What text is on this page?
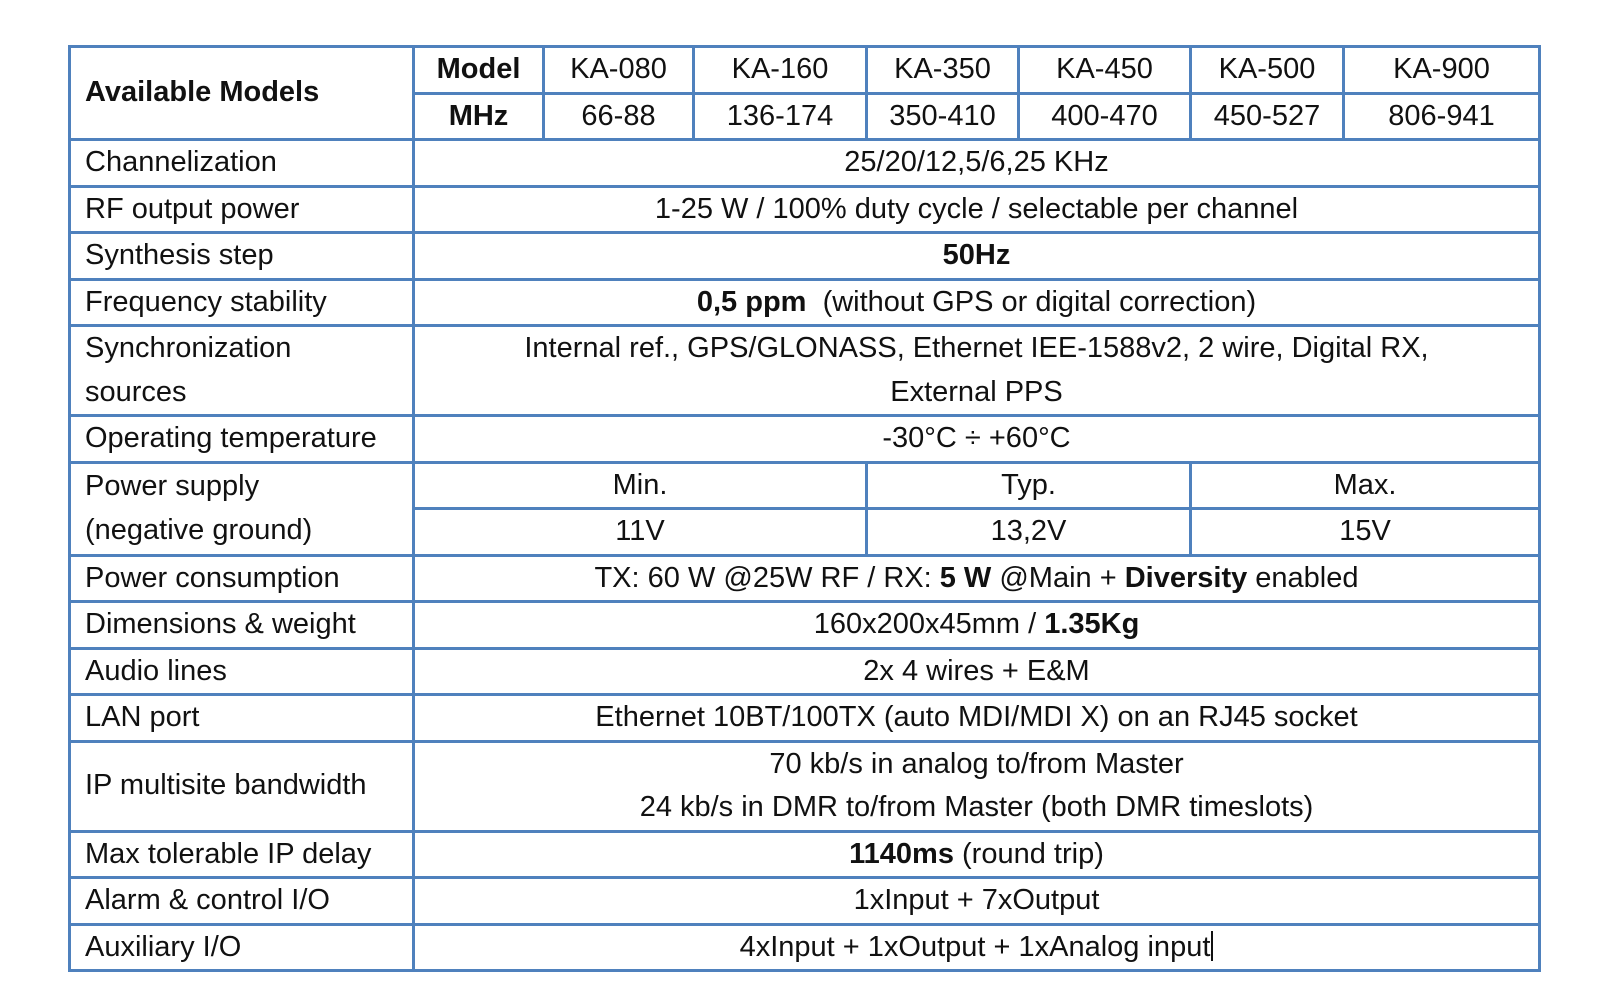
Available Models	Model	KA-080	KA-160	KA-350	KA-450	KA-500	KA-900
	MHz	66-88	136-174	350-410	400-470	450-527	806-941
Channelization	25/20/12,5/6,25 KHz						
RF output power	1-25 W / 100% duty cycle / selectable per channel						
Synthesis step	50Hz						
Frequency stability	0,5 ppm (without GPS or digital correction)						
Synchronization
sources	Internal ref., GPS/GLONASS, Ethernet IEE-1588v2, 2 wire, Digital RX,
External PPS						
Operating temperature	-30°C ÷ +60°C						
Power supply
(negative ground)	Min.			Typ.		Max.	
	11V			13,2V		15V	
Power consumption	TX: 60 W @25W RF / RX: 5 W @Main + Diversity enabled						
Dimensions & weight	160x200x45mm / 1.35Kg						
Audio lines	2x 4 wires + E&M						
LAN port	Ethernet 10BT/100TX (auto MDI/MDI X) on an RJ45 socket						
IP multisite bandwidth	70 kb/s in analog to/from Master
24 kb/s in DMR to/from Master (both DMR timeslots)						
Max tolerable IP delay	1140ms (round trip)						
Alarm & control I/O	1xInput + 7xOutput						
Auxiliary I/O	4xInput + 1xOutput + 1xAnalog input						
